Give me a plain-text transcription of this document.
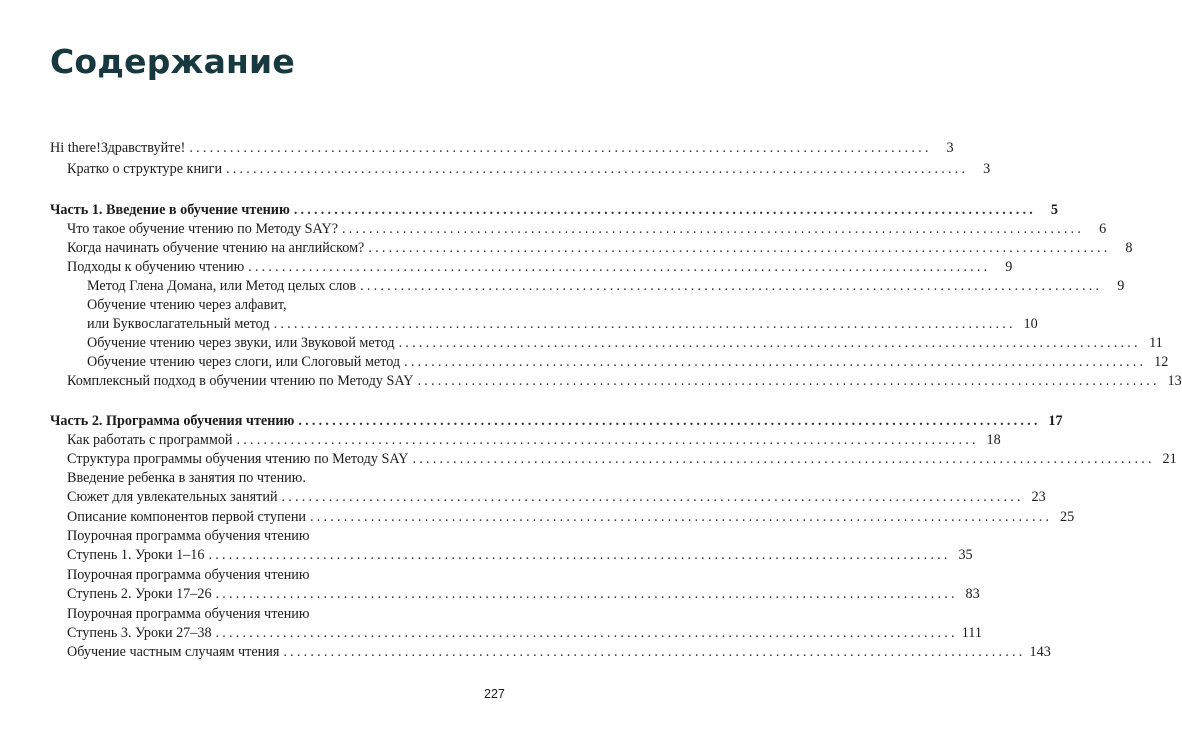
Содержание
Hi there!Здравствуйте! ..............................................................................................................	3
Кратко о структуре книги ..............................................................................................................	3
Часть 1. Введение в обучение чтению ..............................................................................................................	5
Что такое обучение чтению по Методу SAY? ..............................................................................................................	6
Когда начинать обучение чтению на английском? ..............................................................................................................	8
Подходы к обучению чтению ..............................................................................................................	9
Метод Глена Домана, или Метод целых слов ..............................................................................................................	9
Обучение чтению через алфавит,
или Буквослагательный метод .............................................................................................................. 10
Обучение чтению через звуки, или Звуковой метод .............................................................................................................. 11
Обучение чтению через слоги, или Слоговый метод .............................................................................................................. 12
Комплексный подход в обучении чтению по Методу SAY .............................................................................................................. 13
Часть 2. Программа обучения чтению .............................................................................................................. 17
Как работать с программой .............................................................................................................. 18
Структура программы обучения чтению по Методу SAY .............................................................................................................. 21
Введение ребенка в занятия по чтению.
Сюжет для увлекательных занятий .............................................................................................................. 23
Описание компонентов первой ступени .............................................................................................................. 25
Поурочная программа обучения чтению
Ступень 1. Уроки 1–16 .............................................................................................................. 35
Поурочная программа обучения чтению
Ступень 2. Уроки 17–26 .............................................................................................................. 83
Поурочная программа обучения чтению
Ступень 3. Уроки 27–38 .............................................................................................................. 111
Обучение частным случаям чтения .............................................................................................................. 143
227
